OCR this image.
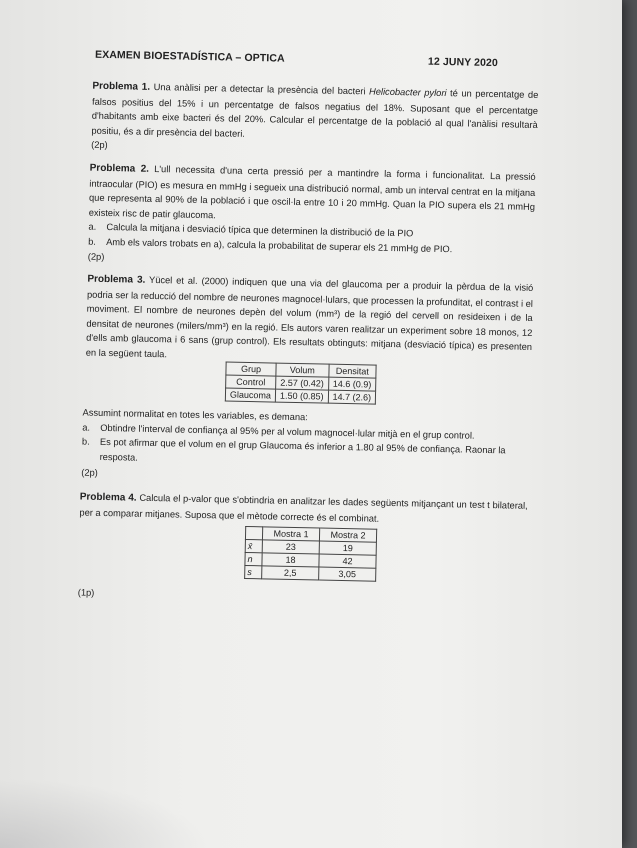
EXAMEN BIOESTADÍSTICA – OPTICA	12 JUNY 2020
Problema 1. Una anàlisi per a detectar la presència del bacteri Helicobacter pylori té un percentatge de falsos positius del 15% i un percentatge de falsos negatius del 18%. Suposant que el percentatge d'habitants amb eixe bacteri és del 20%. Calcular el percentatge de la població al qual l'anàlisi resultarà positiu, és a dir presència del bacteri.
(2p)
Problema 2. L'ull necessita d'una certa pressió per a mantindre la forma i funcionalitat. La pressió intraocular (PIO) es mesura en mmHg i segueix una distribució normal, amb un interval centrat en la mitjana que representa al 90% de la població i que oscil·la entre 10 i 20 mmHg. Quan la PIO supera els 21 mmHg existeix risc de patir glaucoma.
a. Calcula la mitjana i desviació típica que determinen la distribució de la PIO
b. Amb els valors trobats en a), calcula la probabilitat de superar els 21 mmHg de PIO.
(2p)
Problema 3. Yücel et al. (2000) indiquen que una via del glaucoma per a produir la pèrdua de la visió podria ser la reducció del nombre de neurones magnocel·lulars, que processen la profunditat, el contrast i el moviment. El nombre de neurones depèn del volum (mm³) de la regió del cervell on resideixen i de la densitat de neurones (milers/mm³) en la regió. Els autors varen realitzar un experiment sobre 18 monos, 12 d'ells amb glaucoma i 6 sans (grup control). Els resultats obtinguts: mitjana (desviació típica) es presenten en la següent taula.
Grup	Volum	Densitat
Control	2.57 (0.42)	14.6 (0.9)
Glaucoma	1.50 (0.85)	14.7 (2.6)
Assumint normalitat en totes les variables, es demana:
a. Obtindre l'interval de confiança al 95% per al volum magnocel·lular mitjà en el grup control.
b. Es pot afirmar que el volum en el grup Glaucoma és inferior a 1.80 al 95% de confiança. Raonar la resposta.
(2p)
Problema 4. Calcula el p-valor que s'obtindria en analitzar les dades següents mitjançant un test t bilateral, per a comparar mitjanes. Suposa que el mètode correcte és el combinat.
	Mostra 1	Mostra 2
x̄	23	19
n	18	42
s	2,5	3,05
(1p)
